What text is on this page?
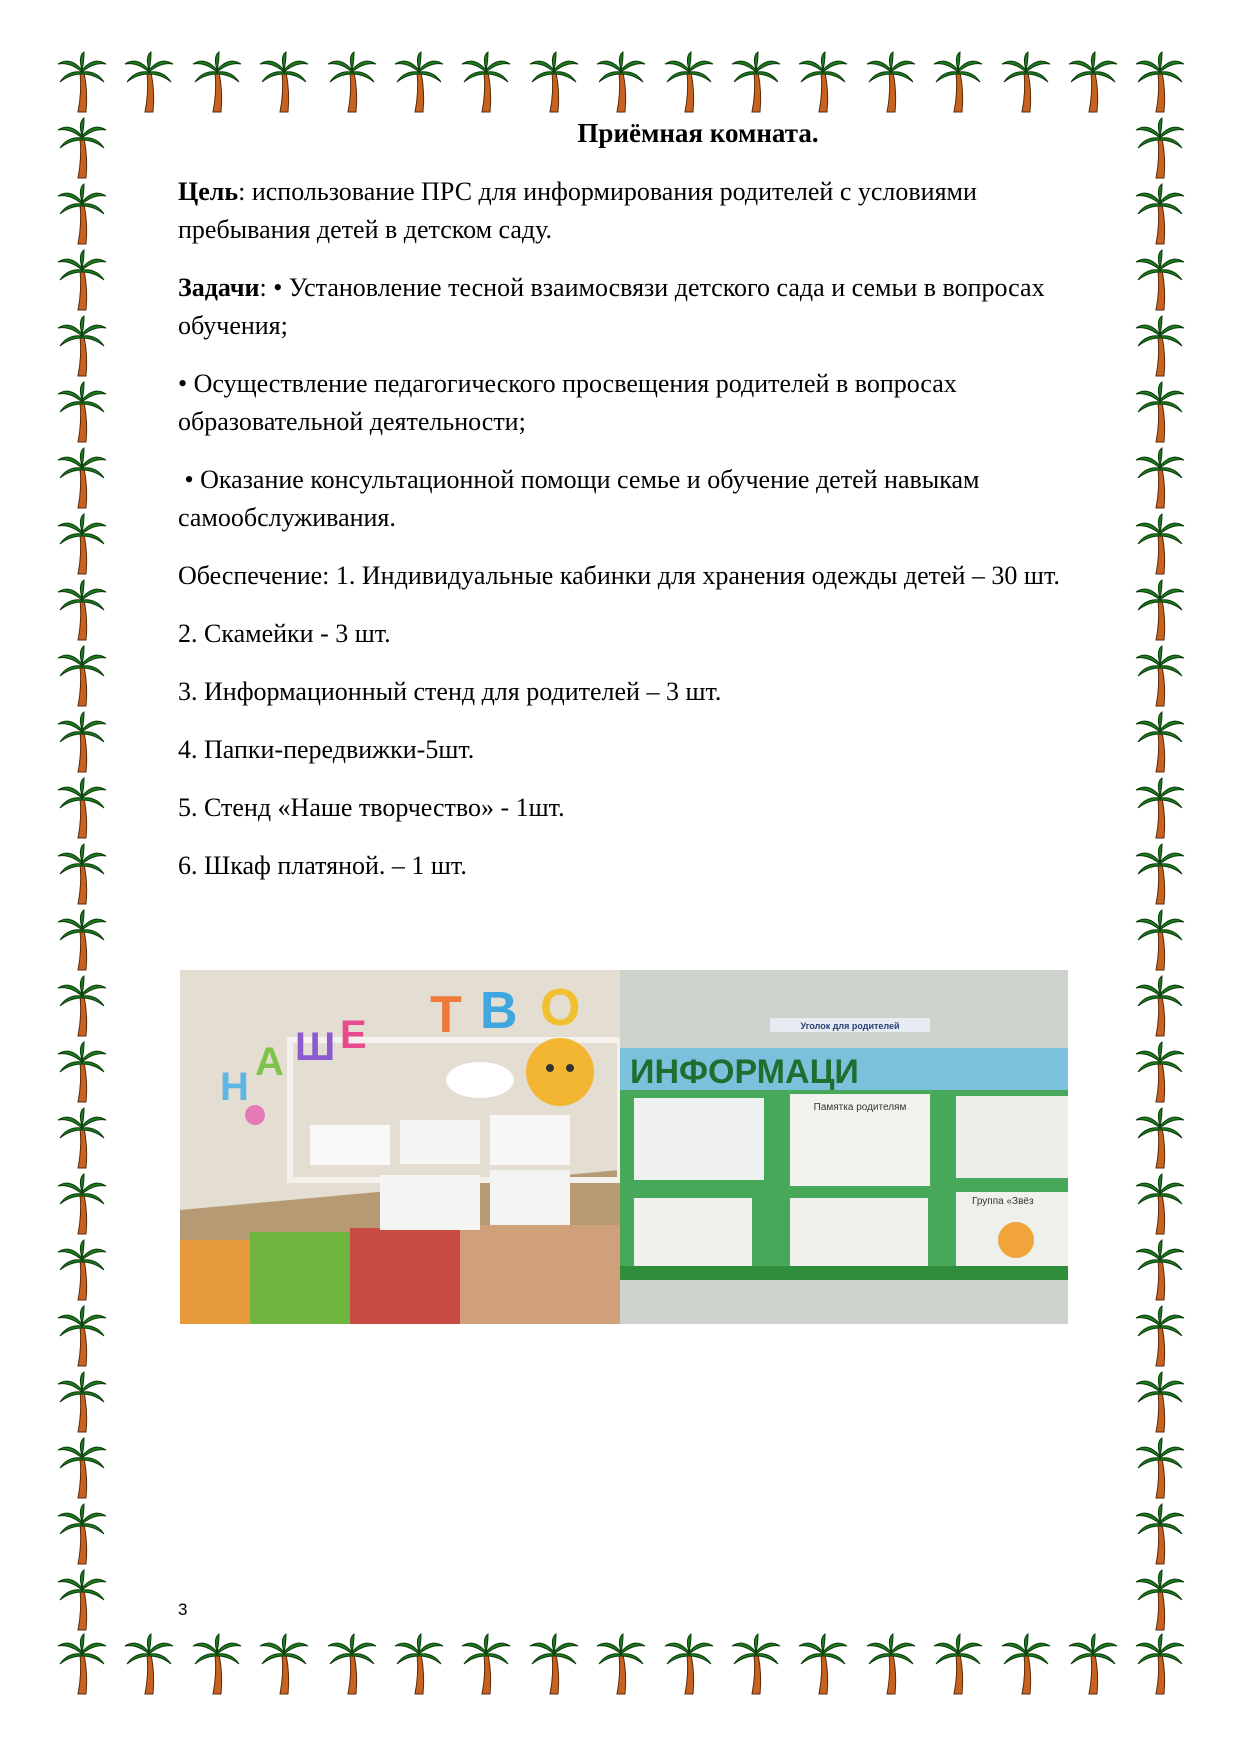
Приёмная комната.

Цель: использование ПРС для информирования родителей с условиями пребывания детей в детском саду.

Задачи: • Установление тесной взаимосвязи детского сада и семьи в вопросах обучения;

• Осуществление педагогического просвещения родителей в вопросах образовательной деятельности;

• Оказание консультационной помощи семье и обучение детей навыкам самообслуживания.

Обеспечение: 1. Индивидуальные кабинки для хранения одежды детей – 30 шт.

2. Скамейки - 3 шт.

3. Информационный стенд для родителей – 3 шт.

4. Папки-передвижки-5шт.

5. Стенд «Наше творчество» - 1шт.

6. Шкаф платяной. – 1 шт.

Н
А Ш Е Т В О	Уголок для родителей
ИНФОРМАЦИ
Памятка родителям
Группа «Звёз
3
